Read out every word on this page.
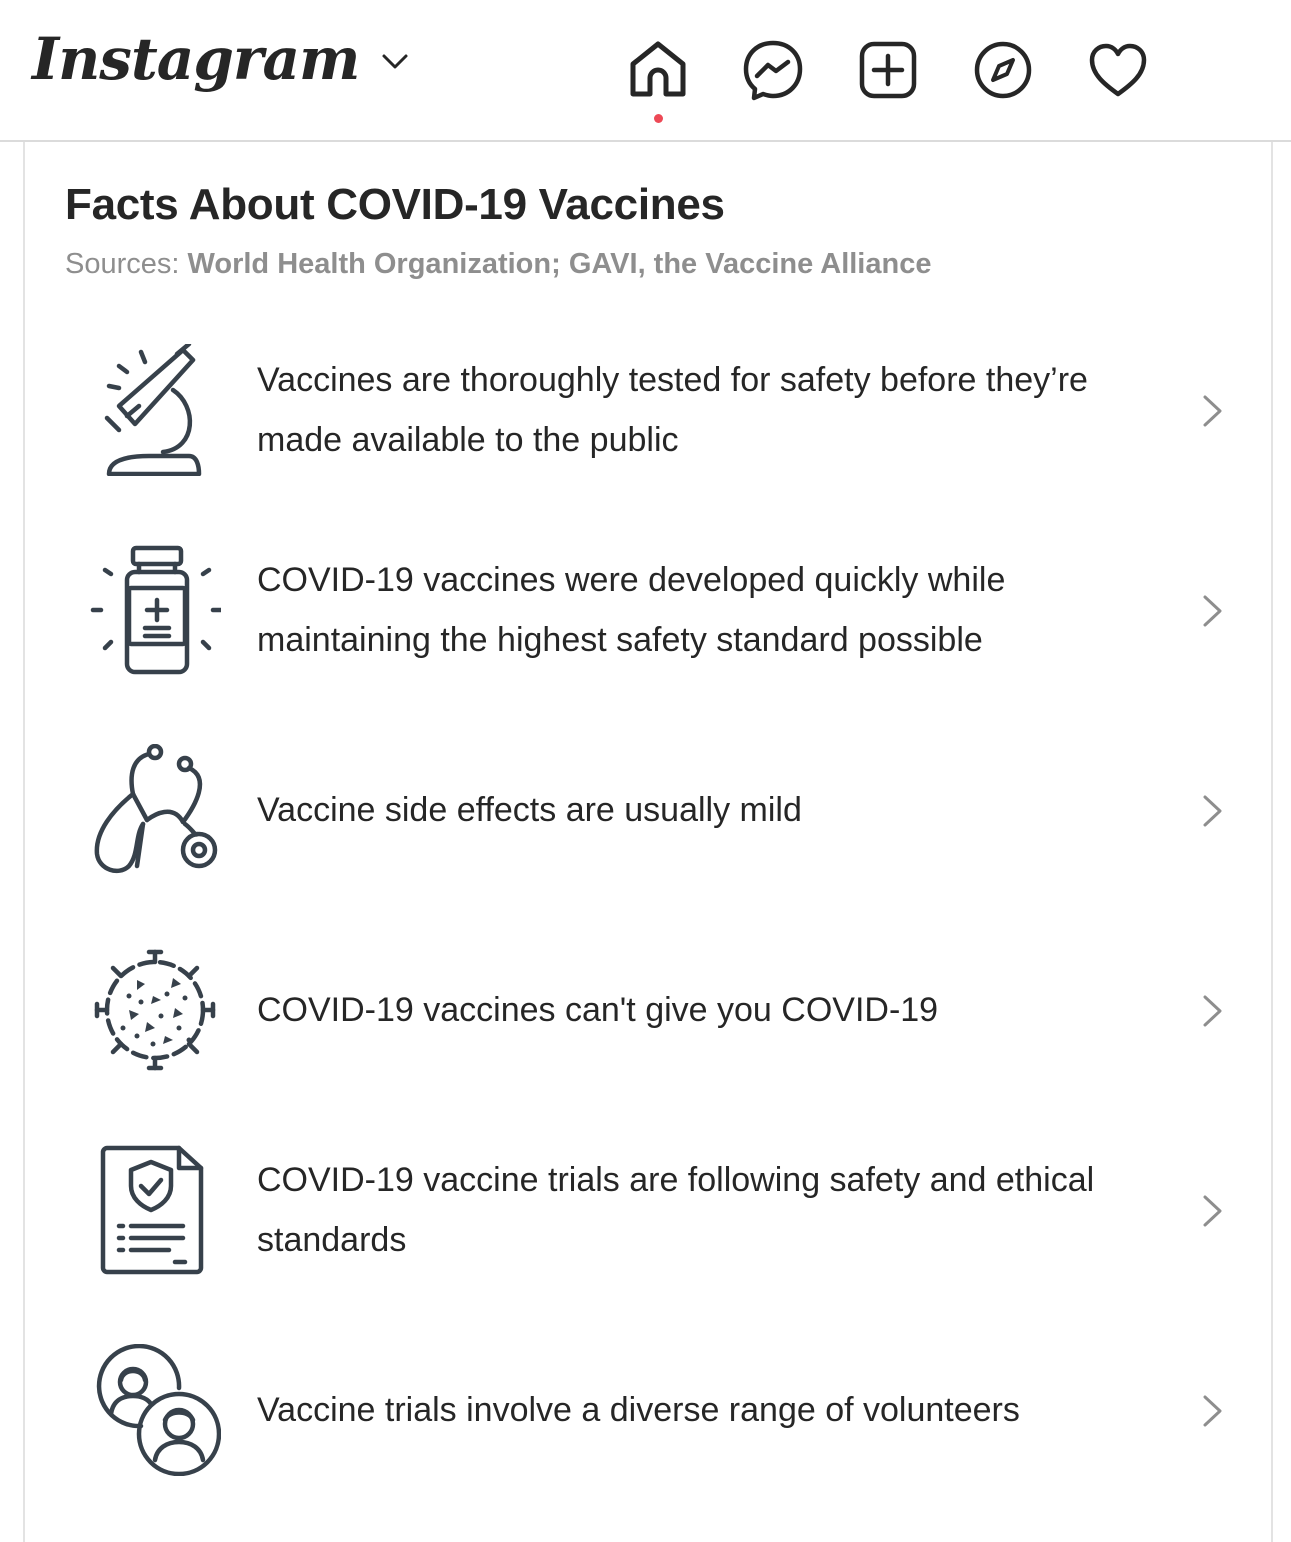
Instagram
Facts About COVID-19 Vaccines
Sources: World Health Organization; GAVI, the Vaccine Alliance
Vaccines are thoroughly tested for safety before they’re made available to the public
COVID-19 vaccines were developed quickly while maintaining the highest safety standard possible
Vaccine side effects are usually mild
COVID-19 vaccines can't give you COVID-19
COVID-19 vaccine trials are following safety and ethical standards
Vaccine trials involve a diverse range of volunteers
